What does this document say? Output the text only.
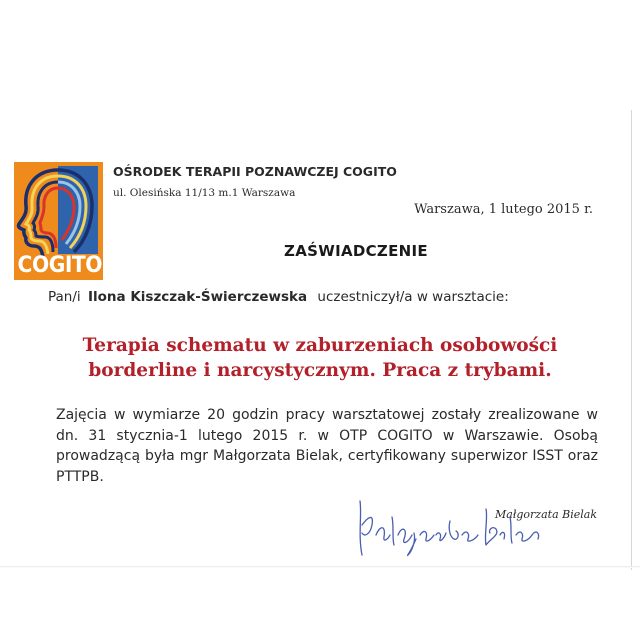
COGITO
OŚRODEK TERAPII POZNAWCZEJ COGITO
ul. Olesińska 11/13 m.1 Warszawa
Warszawa, 1 lutego 2015 r.
ZAŚWIADCZENIE
Pan/i Ilona Kiszczak-Świerczewska uczestniczył/a w warsztacie:
Terapia schematu w zaburzeniach osobowości
borderline i narcystycznym. Praca z trybami.
Zajęcia w wymiarze 20 godzin pracy warsztatowej zostały zrealizowane w dn. 31 stycznia-1 lutego 2015 r. w OTP COGITO w Warszawie. Osobą prowadzącą była mgr Małgorzata Bielak, certyfikowany superwizor ISST oraz PTTPB.
Małgorzata Bielak
